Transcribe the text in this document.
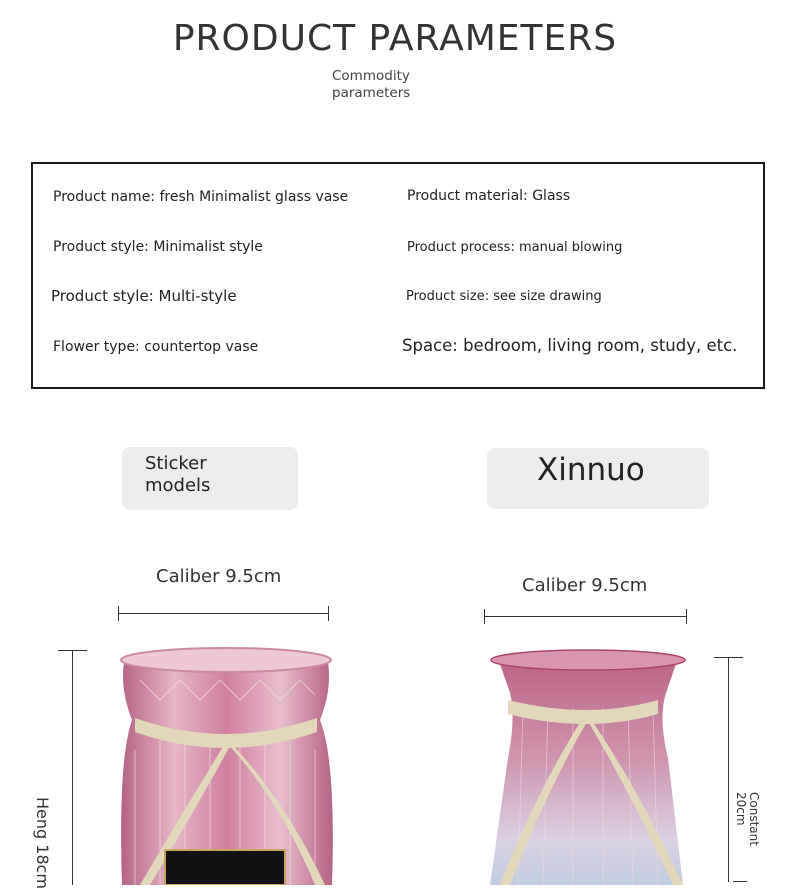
PRODUCT PARAMETERS
Commodity
parameters
Product name: fresh Minimalist glass vase	Product material: Glass
Product style: Minimalist style	Product process: manual blowing
Product style: Multi-style	Product size: see size drawing
Flower type: countertop vase	Space: bedroom, living room, study, etc.
Sticker
models	Xinnuo
Caliber 9.5cm	Caliber 9.5cm
Heng 18cm	Constant
20cm
